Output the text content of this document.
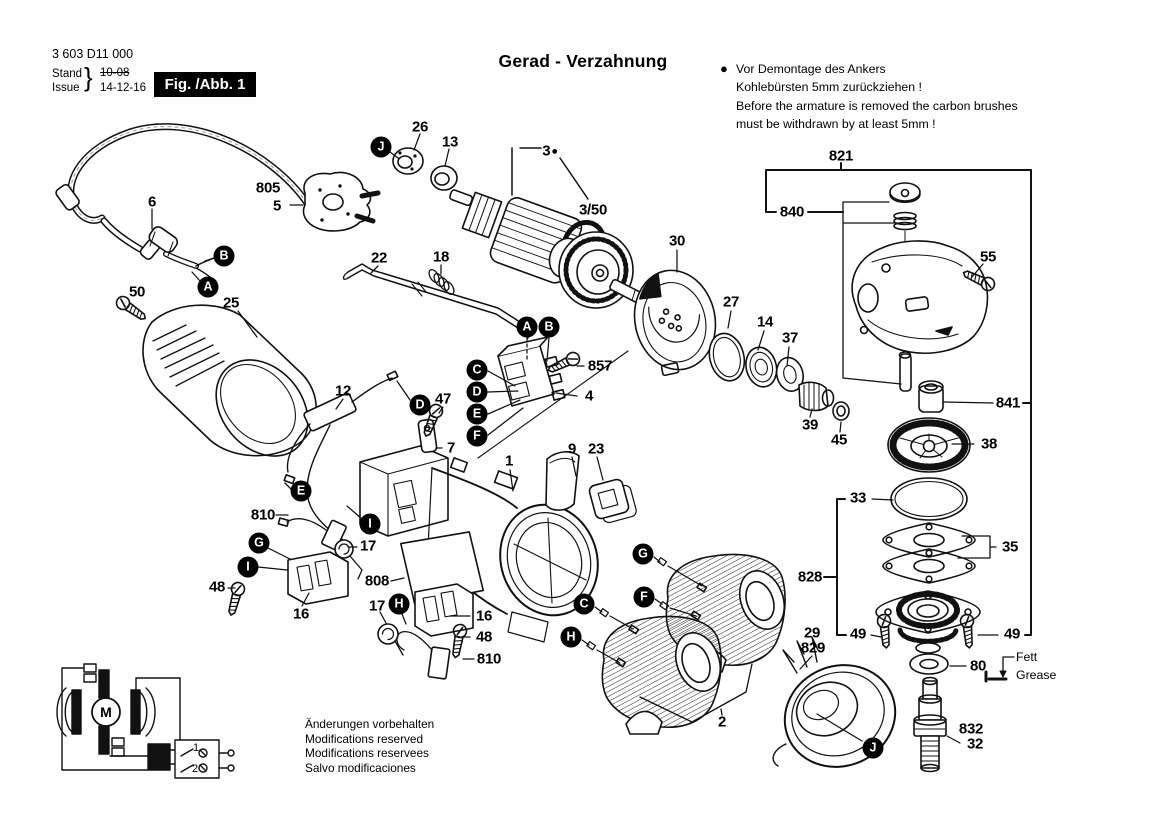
3 603 D11 000
Stand
Issue } 10-08
14-12-16	Fig. /Abb. 1
Gerad - Verzahnung	● Vor Demontage des Ankers
Kohlebürsten 5mm zurückziehen !
Before the armature is removed the carbon brushes
must be withdrawn by at least 5mm !
Änderungen vorbehalten
Modifications reserved
Modifications reservees
Salvo modificaciones
Fett
Grease
M
1
2
805
5
6
50
25
26
13
3●
3/50
22	18
30
27
14
37
39
45
821
840
55
841
38
33
35
828
49	49
80
832
32
29
829
2
857
4
47
7
12
1
9 23
810
48
16
17
808
17
16
48
810
J
B
A
A	B
C
D
E
F
D
E
I
G
I
H
G
F
C
H
J
